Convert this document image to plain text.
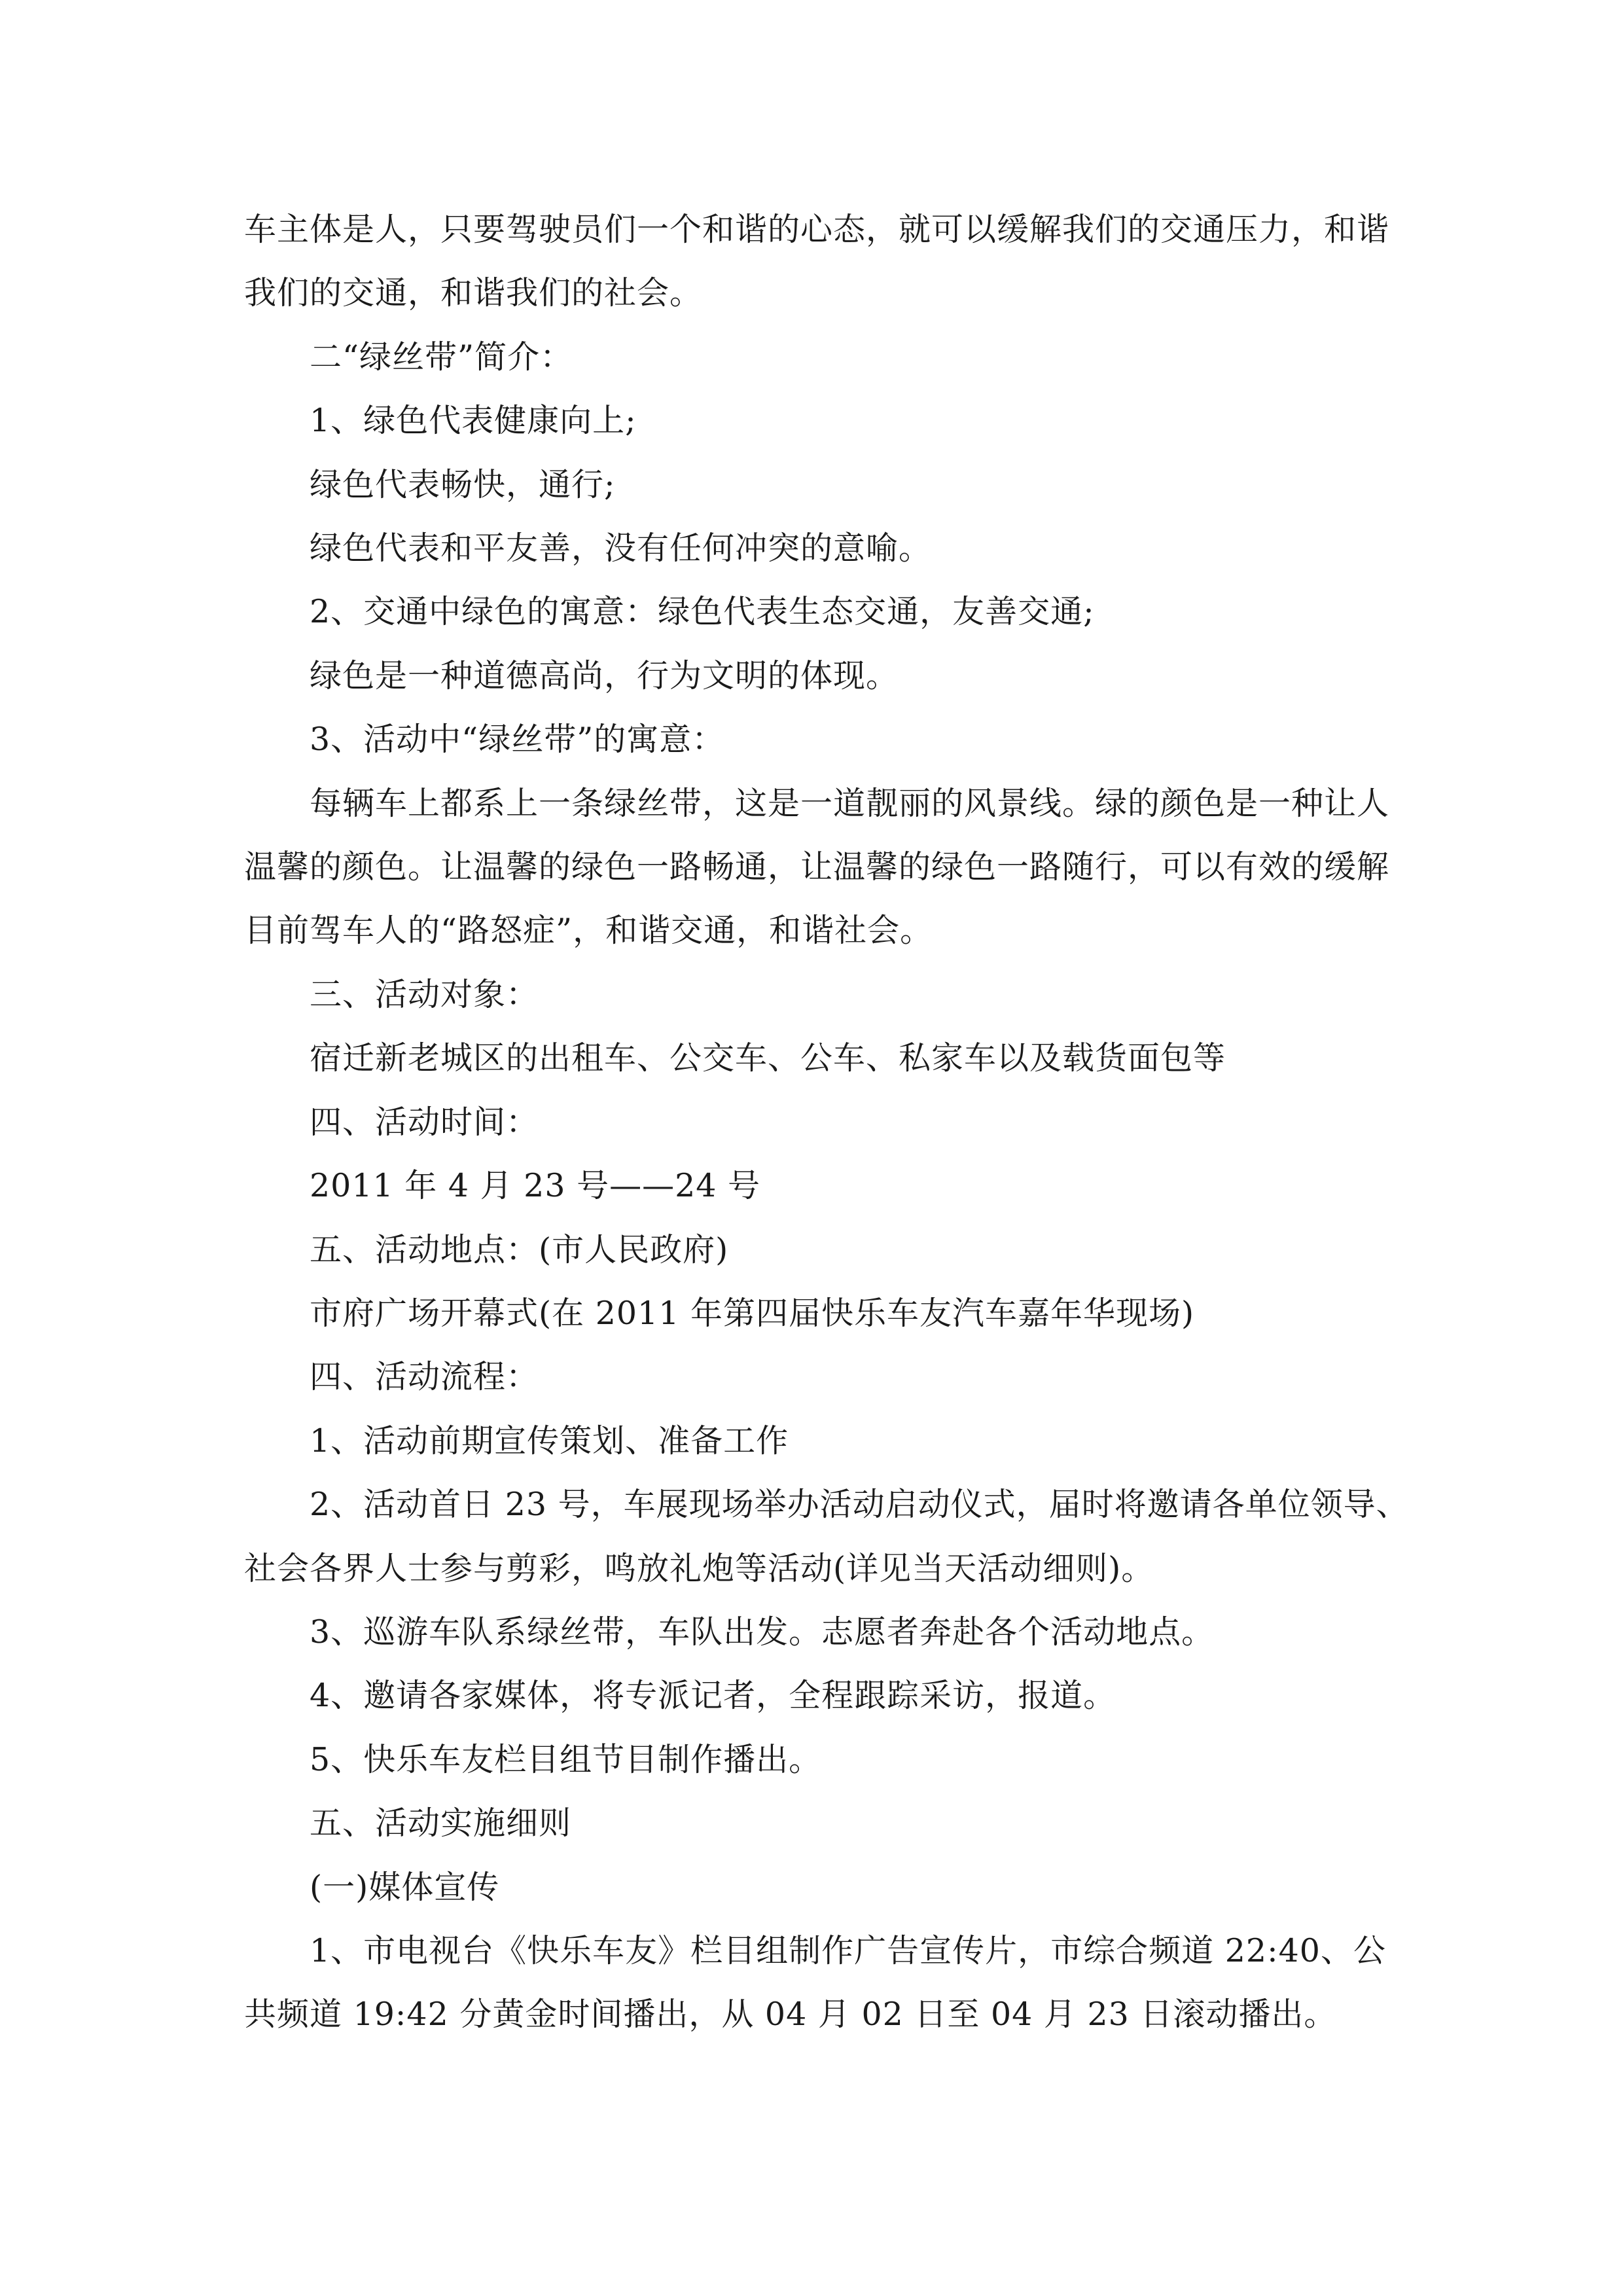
车主体是人，只要驾驶员们一个和谐的心态，就可以缓解我们的交通压力，和谐

我们的交通，和谐我们的社会。

二“绿丝带”简介：

1、绿色代表健康向上;

绿色代表畅快，通行;

绿色代表和平友善，没有任何冲突的意喻。

2、交通中绿色的寓意：绿色代表生态交通，友善交通;

绿色是一种道德高尚，行为文明的体现。

3、活动中“绿丝带”的寓意：

每辆车上都系上一条绿丝带，这是一道靓丽的风景线。绿的颜色是一种让人

温馨的颜色。让温馨的绿色一路畅通，让温馨的绿色一路随行，可以有效的缓解

目前驾车人的“路怒症”，和谐交通，和谐社会。

三、活动对象：

宿迁新老城区的出租车、公交车、公车、私家车以及载货面包等

四、活动时间：

2011 年 4 月 23 号——24 号

五、活动地点：(市人民政府)

市府广场开幕式(在 2011 年第四届快乐车友汽车嘉年华现场)

四、活动流程：

1、活动前期宣传策划、准备工作

2、活动首日 23 号，车展现场举办活动启动仪式，届时将邀请各单位领导、

社会各界人士参与剪彩，鸣放礼炮等活动(详见当天活动细则)。

3、巡游车队系绿丝带，车队出发。志愿者奔赴各个活动地点。

4、邀请各家媒体，将专派记者，全程跟踪采访，报道。

5、快乐车友栏目组节目制作播出。

五、活动实施细则

(一)媒体宣传

1、市电视台《快乐车友》栏目组制作广告宣传片，市综合频道 22:40、公

共频道 19:42 分黄金时间播出，从 04 月 02 日至 04 月 23 日滚动播出。
